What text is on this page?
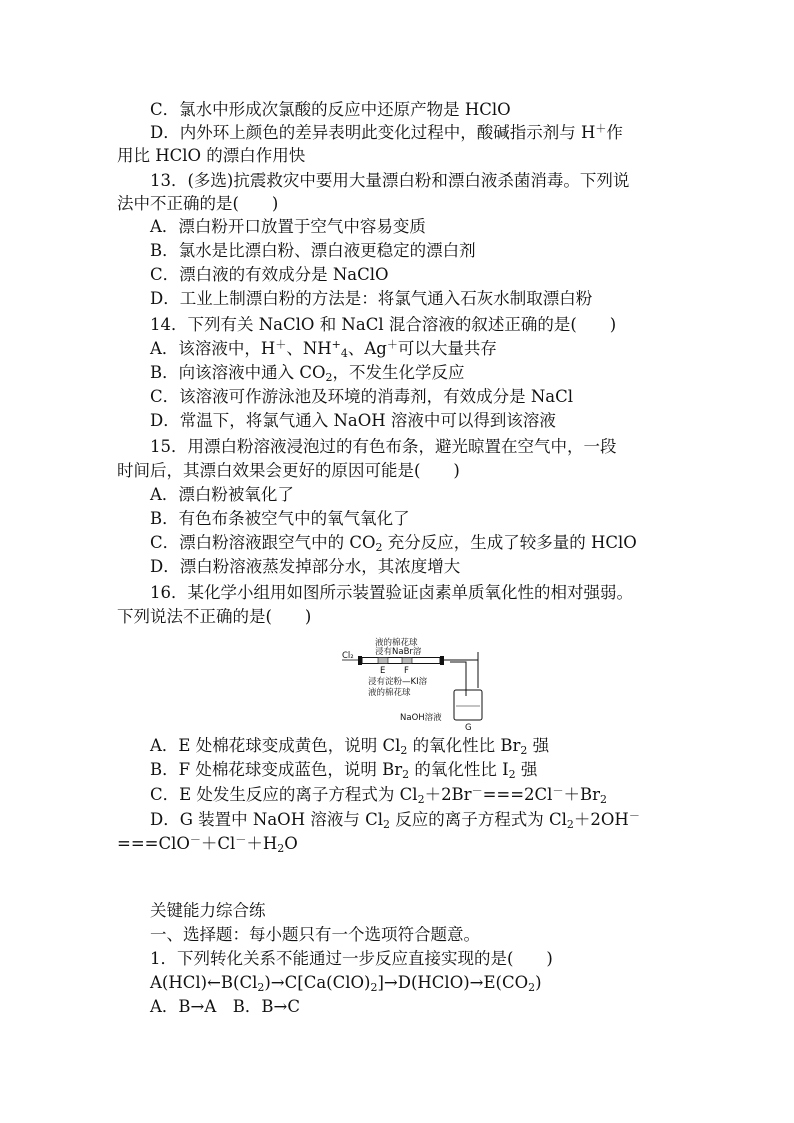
C．氯水中形成次氯酸的反应中还原产物是 HClO
D．内外环上颜色的差异表明此变化过程中，酸碱指示剂与 H＋作
用比 HClO 的漂白作用快
13．(多选)抗震救灾中要用大量漂白粉和漂白液杀菌消毒。下列说
法中不正确的是(　　)
A．漂白粉开口放置于空气中容易变质
B．氯水是比漂白粉、漂白液更稳定的漂白剂
C．漂白液的有效成分是 NaClO
D．工业上制漂白粉的方法是：将氯气通入石灰水制取漂白粉
14．下列有关 NaClO 和 NaCl 混合溶液的叙述正确的是(　　)
A．该溶液中，H＋、$NH^+_4$、Ag＋可以大量共存
B．向该溶液中通入 $CO_2$，不发生化学反应
C．该溶液可作游泳池及环境的消毒剂，有效成分是 NaCl
D．常温下，将氯气通入 NaOH 溶液中可以得到该溶液
15．用漂白粉溶液浸泡过的有色布条，避光晾置在空气中，一段
时间后，其漂白效果会更好的原因可能是(　　)
A．漂白粉被氧化了
B．有色布条被空气中的氧气氧化了
C．漂白粉溶液跟空气中的 $CO_2$ 充分反应，生成了较多量的 HClO
D．漂白粉溶液蒸发掉部分水，其浓度增大
16．某化学小组用如图所示装置验证卤素单质氧化性的相对强弱。
下列说法不正确的是(　　)
Cl₂	浸有NaBr溶
液的棉花球
E F
浸有淀粉—KI溶
液的棉花球
NaOH溶液
G
A．E 处棉花球变成黄色，说明 $Cl_2$ 的氧化性比 $Br_2$ 强
B．F 处棉花球变成蓝色，说明 $Br_2$ 的氧化性比 $I_2$ 强
C．E 处发生反应的离子方程式为 $Cl_2+2Br^-===2Cl^-+Br_2$
D．G 装置中 NaOH 溶液与 $Cl_2$ 反应的离子方程式为 $Cl_2+2OH^-$
$===ClO^-+Cl^-+H_2O$
关键能力综合练
一、选择题：每小题只有一个选项符合题意。
1．下列转化关系不能通过一步反应直接实现的是(　　)
$A(HCl)\leftarrow B(Cl_2)\to C[Ca(ClO)_2]\to D(HClO)\to E(CO_2)$
A．B→A　B．B→C
